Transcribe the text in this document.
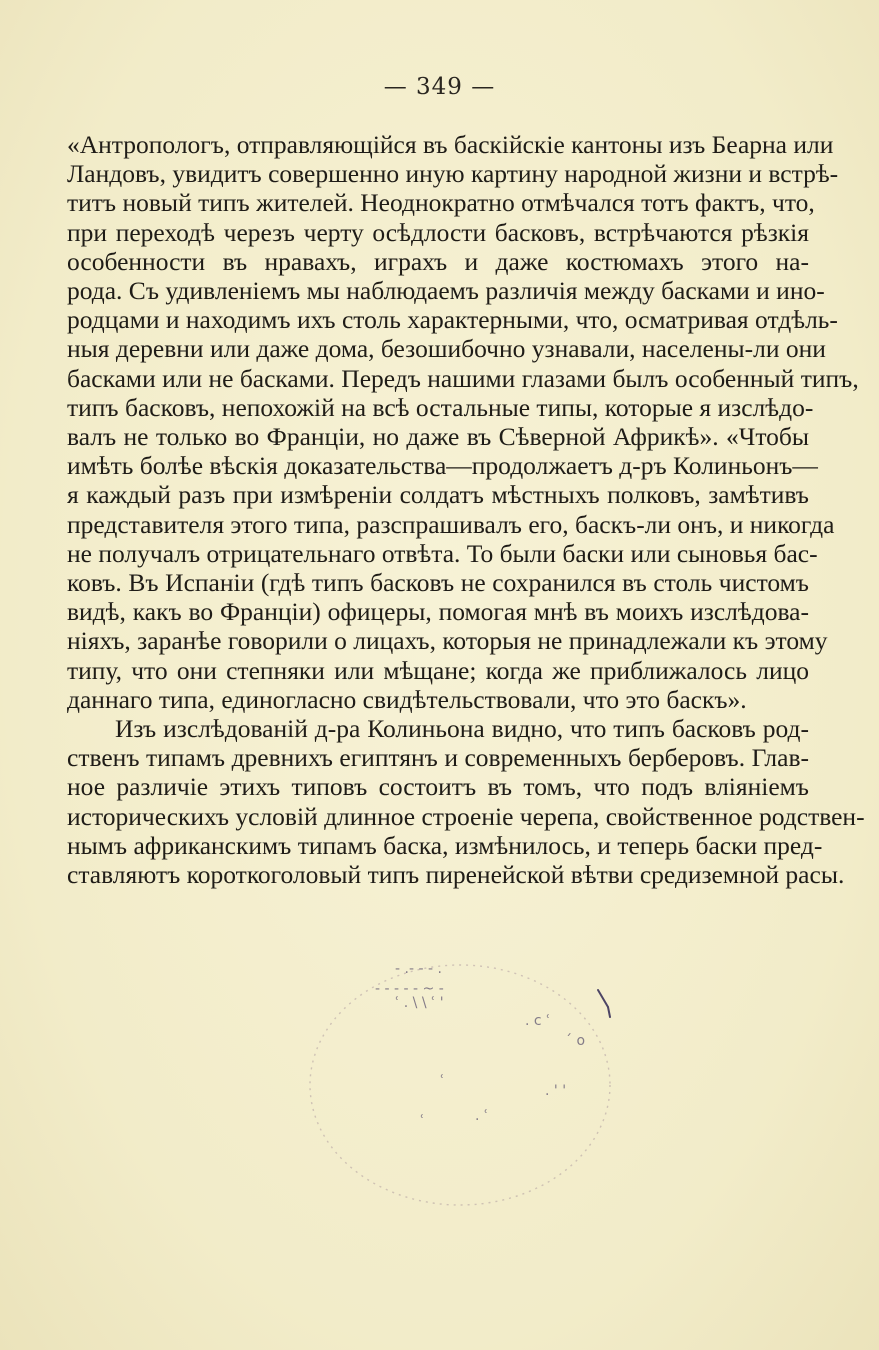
— 349 —
«Антропологъ, отправляющійся въ баскійскіе кантоны изъ Беарна или
Ландовъ, увидитъ совершенно иную картину народной жизни и встрѣ-
титъ новый типъ жителей. Неоднократно отмѣчался тотъ фактъ, что,
при переходѣ черезъ черту осѣдлости басковъ, встрѣчаются рѣзкія
особенности въ нравахъ, играхъ и даже костюмахъ этого на-
рода. Съ удивленіемъ мы наблюдаемъ различія между басками и ино-
родцами и находимъ ихъ столь характерными, что, осматривая отдѣль-
ныя деревни или даже дома, безошибочно узнавали, населены-ли они
басками или не басками. Передъ нашими глазами былъ особенный типъ,
типъ басковъ, непохожій на всѣ остальные типы, которые я изслѣдо-
валъ не только во Франціи, но даже въ Сѣверной Африкѣ». «Чтобы
имѣть болѣе вѣскія доказательства—продолжаетъ д-ръ Колиньонъ—
я каждый разъ при измѣреніи солдатъ мѣстныхъ полковъ, замѣтивъ
представителя этого типа, разспрашивалъ его, баскъ-ли онъ, и никогда
не получалъ отрицательнаго отвѣта. То были баски или сыновья бас-
ковъ. Въ Испаніи (гдѣ типъ басковъ не сохранился въ столь чистомъ
видѣ, какъ во Франціи) офицеры, помогая мнѣ въ моихъ изслѣдова-
ніяхъ, заранѣе говорили о лицахъ, которыя не принадлежали къ этому
типу, что они степняки или мѣщане; когда же приближалось лицо
даннаго типа, единогласно свидѣтельствовали, что это баскъ».
Изъ изслѣдованій д-ра Колиньона видно, что типъ басковъ род-
ственъ типамъ древнихъ египтянъ и современныхъ берберовъ. Глав-
ное различіе этихъ типовъ состоитъ въ томъ, что подъ вліяніемъ
историческихъ условій длинное строеніе черепа, свойственное родствен-
нымъ африканскимъ типамъ баска, измѣнилось, и теперь баски пред-
ставляютъ короткоголовый типъ пиренейской вѣтви средиземной расы.
- .- - - .
- - - - - ~ -
ʿ . \ \ ʿ '
. c ʿ
ˊ o
ʿ
. ' '
ʿ	. ʿ
